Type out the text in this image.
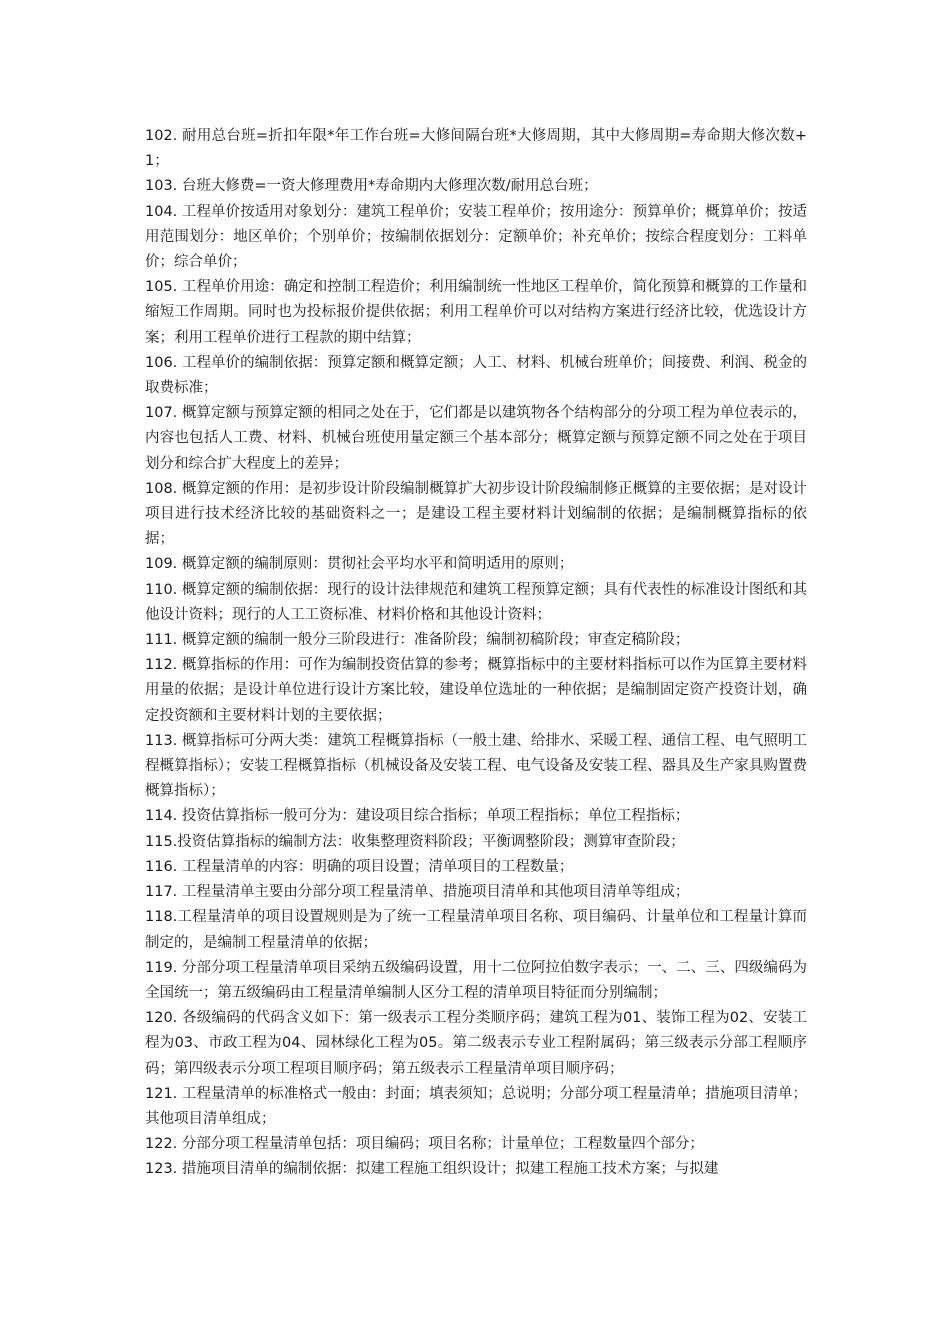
102. 耐用总台班=折扣年限*年工作台班=大修间隔台班*大修周期，其中大修周期=寿命期大修次数+1；

103. 台班大修费=一资大修理费用*寿命期内大修理次数/耐用总台班；

104. 工程单价按适用对象划分：建筑工程单价；安装工程单价；按用途分：预算单价；概算单价；按适用范围划分：地区单价；个别单价；按编制依据划分：定额单价；补充单价；按综合程度划分：工料单价；综合单价；

105. 工程单价用途：确定和控制工程造价；利用编制统一性地区工程单价，简化预算和概算的工作量和缩短工作周期。同时也为投标报价提供依据；利用工程单价可以对结构方案进行经济比较，优选设计方案；利用工程单价进行工程款的期中结算；

106. 工程单价的编制依据：预算定额和概算定额；人工、材料、机械台班单价；间接费、利润、税金的取费标准；

107. 概算定额与预算定额的相同之处在于，它们都是以建筑物各个结构部分的分项工程为单位表示的，内容也包括人工费、材料、机械台班使用量定额三个基本部分；概算定额与预算定额不同之处在于项目划分和综合扩大程度上的差异；

108. 概算定额的作用：是初步设计阶段编制概算扩大初步设计阶段编制修正概算的主要依据；是对设计项目进行技术经济比较的基础资料之一；是建设工程主要材料计划编制的依据；是编制概算指标的依据；

109. 概算定额的编制原则：贯彻社会平均水平和简明适用的原则；

110. 概算定额的编制依据：现行的设计法律规范和建筑工程预算定额；具有代表性的标准设计图纸和其他设计资料；现行的人工工资标准、材料价格和其他设计资料；

111. 概算定额的编制一般分三阶段进行：准备阶段；编制初稿阶段；审查定稿阶段；

112. 概算指标的作用：可作为编制投资估算的参考；概算指标中的主要材料指标可以作为匡算主要材料用量的依据；是设计单位进行设计方案比较，建设单位选址的一种依据；是编制固定资产投资计划，确定投资额和主要材料计划的主要依据；

113. 概算指标可分两大类：建筑工程概算指标（一般土建、给排水、采暖工程、通信工程、电气照明工程概算指标）；安装工程概算指标（机械设备及安装工程、电气设备及安装工程、器具及生产家具购置费概算指标）；

114. 投资估算指标一般可分为：建设项目综合指标；单项工程指标；单位工程指标；

115.投资估算指标的编制方法：收集整理资料阶段；平衡调整阶段；测算审查阶段；

116. 工程量清单的内容：明确的项目设置；清单项目的工程数量；

117. 工程量清单主要由分部分项工程量清单、措施项目清单和其他项目清单等组成；

118.工程量清单的项目设置规则是为了统一工程量清单项目名称、项目编码、计量单位和工程量计算而制定的，是编制工程量清单的依据；

119. 分部分项工程量清单项目采纳五级编码设置，用十二位阿拉伯数字表示；一、二、三、四级编码为全国统一；第五级编码由工程量清单编制人区分工程的清单项目特征而分别编制；

120. 各级编码的代码含义如下：第一级表示工程分类顺序码；建筑工程为01、装饰工程为02、安装工程为03、市政工程为04、园林绿化工程为05。第二级表示专业工程附属码；第三级表示分部工程顺序码；第四级表示分项工程项目顺序码；第五级表示工程量清单项目顺序码；

121. 工程量清单的标准格式一般由：封面；填表须知；总说明；分部分项工程量清单；措施项目清单；其他项目清单组成；

122. 分部分项工程量清单包括：项目编码；项目名称；计量单位；工程数量四个部分；

123. 措施项目清单的编制依据：拟建工程施工组织设计；拟建工程施工技术方案；与拟建
